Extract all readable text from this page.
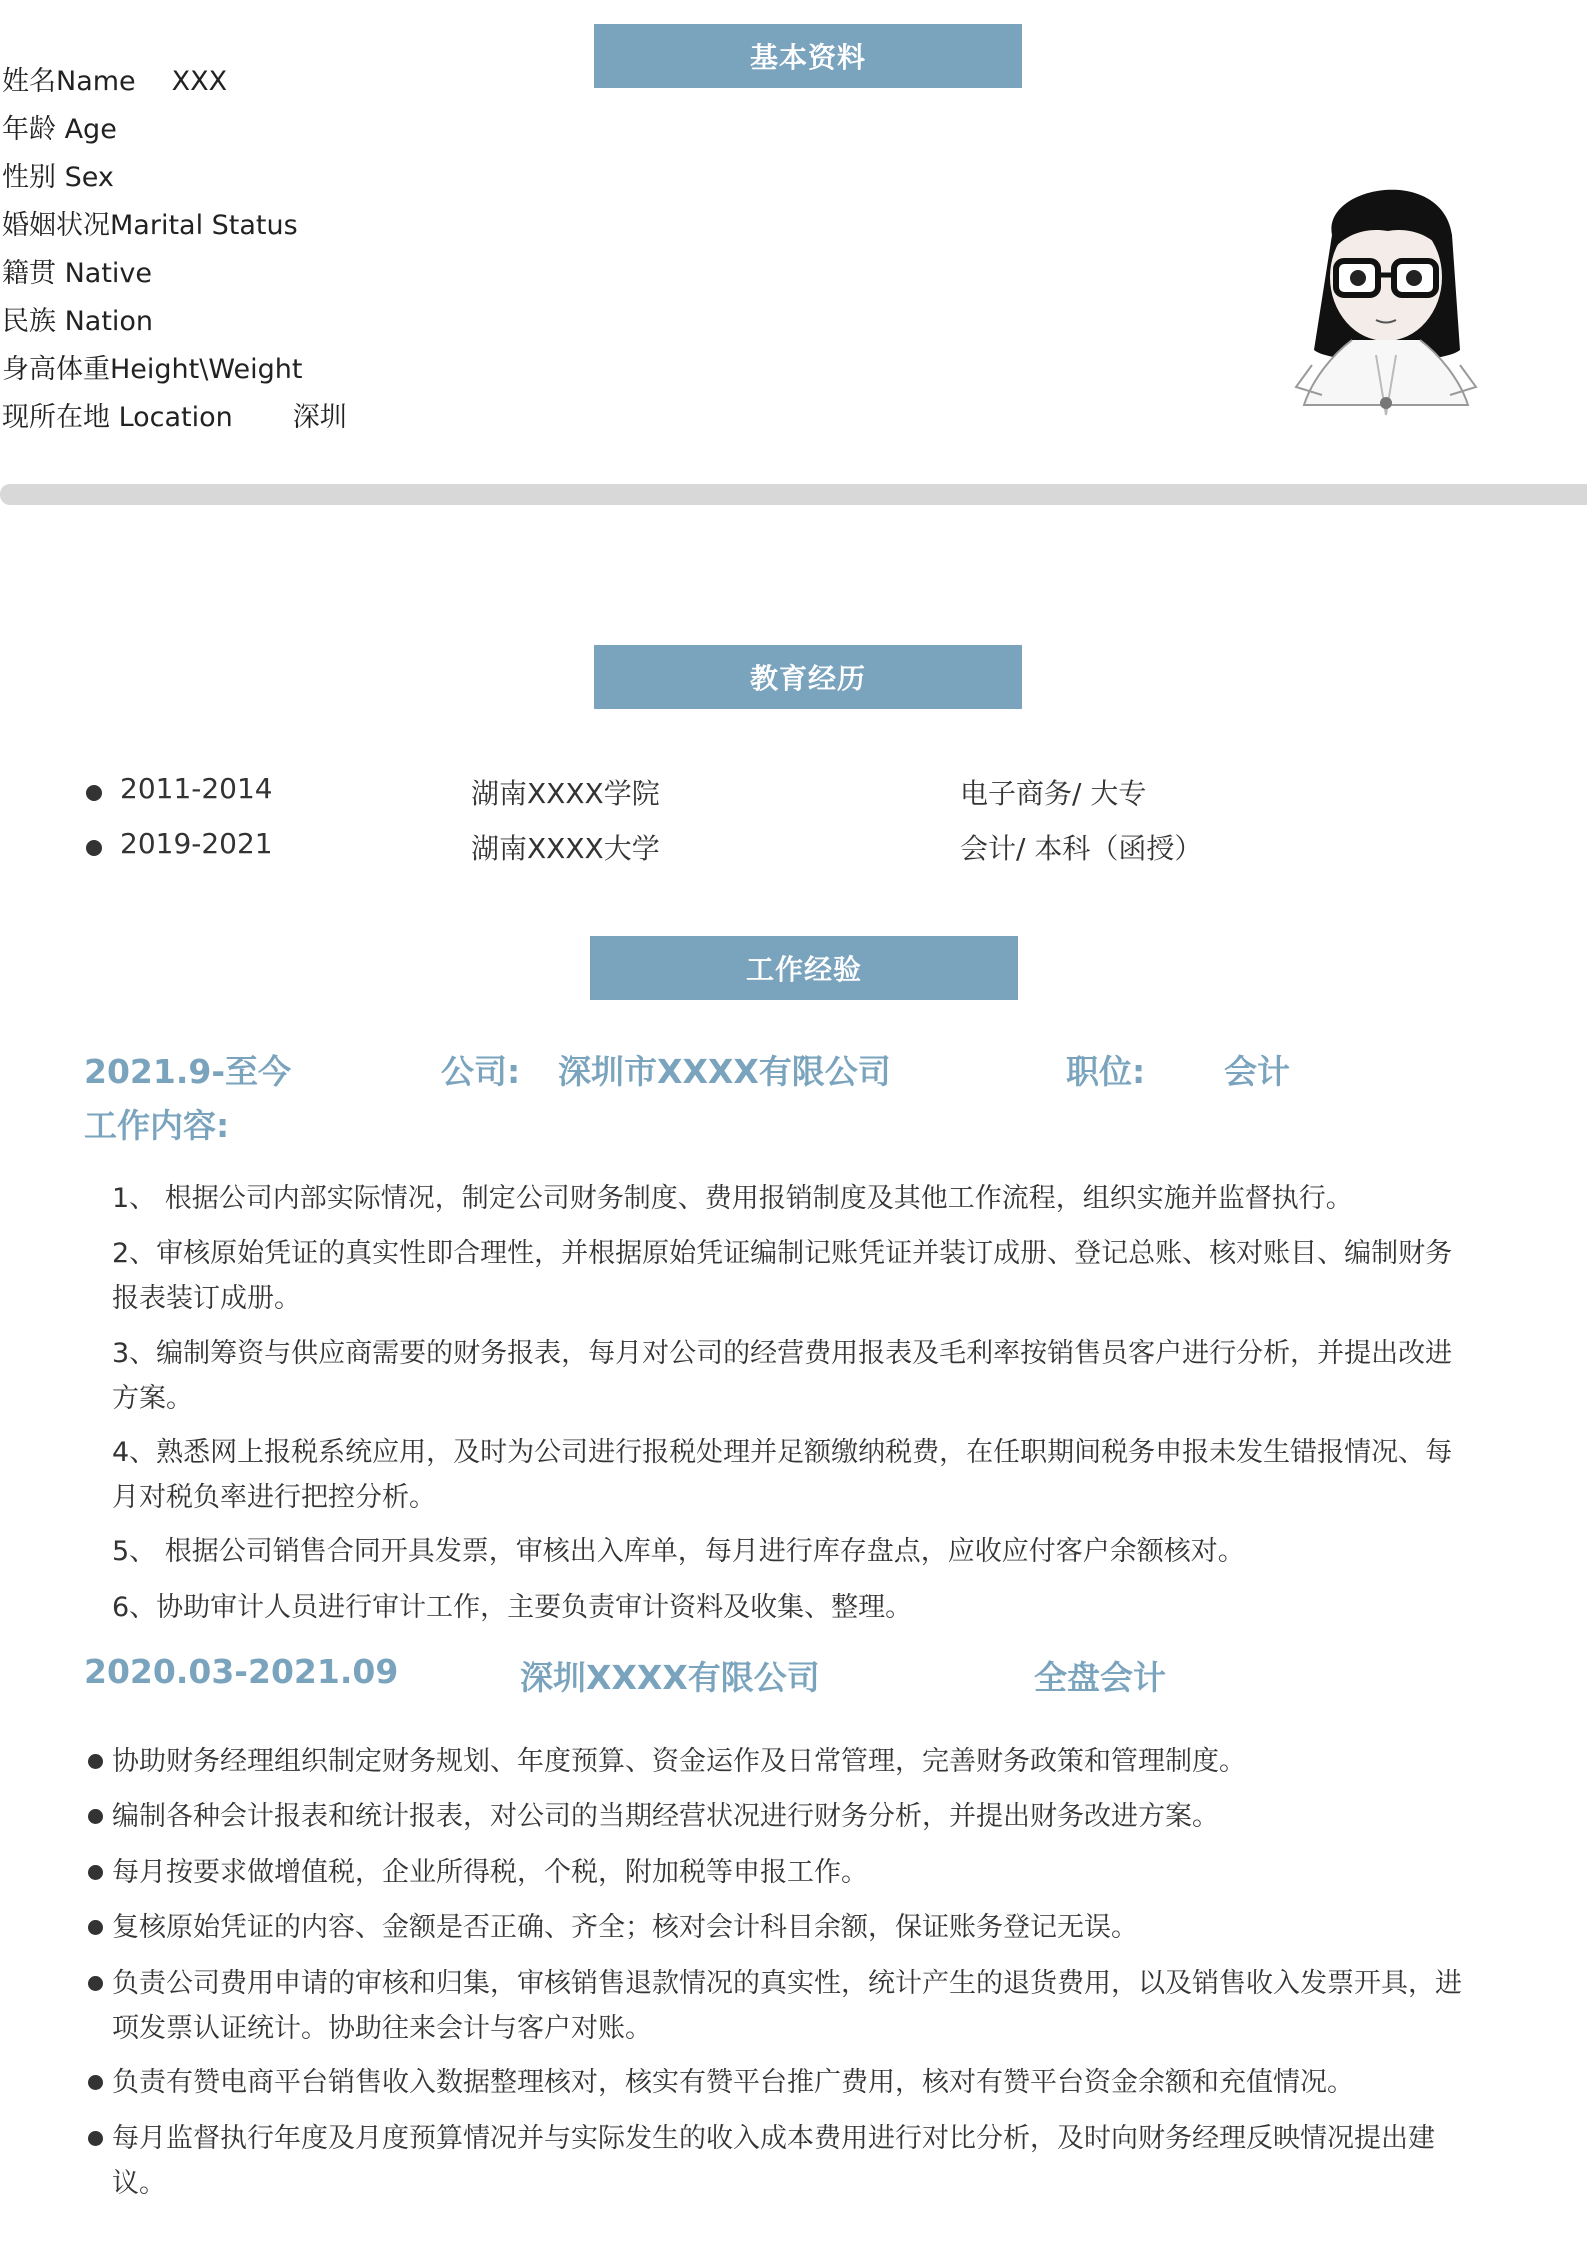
基本资料
姓名Name XXX
年龄 Age
性别 Sex
婚姻状况Marital Status
籍贯 Native
民族 Nation
身高体重Height\Weight
现所在地 Location 深圳
教育经历
2011-2014	湖南XXXX学院	电子商务/ 大专
2019-2021	湖南XXXX大学	会计/ 本科（函授）
工作经验
2021.9-至今	公司: 深圳市XXXX有限公司	职位: 会计
工作内容:
1、 根据公司内部实际情况，制定公司财务制度、费用报销制度及其他工作流程，组织实施并监督执行。
2、审核原始凭证的真实性即合理性，并根据原始凭证编制记账凭证并装订成册、登记总账、核对账目、编制财务报表装订成册。
3、编制筹资与供应商需要的财务报表，每月对公司的经营费用报表及毛利率按销售员客户进行分析，并提出改进方案。
4、熟悉网上报税系统应用，及时为公司进行报税处理并足额缴纳税费，在任职期间税务申报未发生错报情况、每月对税负率进行把控分析。
5、 根据公司销售合同开具发票，审核出入库单，每月进行库存盘点，应收应付客户余额核对。
6、协助审计人员进行审计工作，主要负责审计资料及收集、整理。
2020.03-2021.09	深圳XXXX有限公司	全盘会计
协助财务经理组织制定财务规划、年度预算、资金运作及日常管理，完善财务政策和管理制度。
编制各种会计报表和统计报表，对公司的当期经营状况进行财务分析，并提出财务改进方案。
每月按要求做增值税，企业所得税，个税，附加税等申报工作。
复核原始凭证的内容、金额是否正确、齐全；核对会计科目余额，保证账务登记无误。
负责公司费用申请的审核和归集，审核销售退款情况的真实性，统计产生的退货费用，以及销售收入发票开具，进项发票认证统计。协助往来会计与客户对账。
负责有赞电商平台销售收入数据整理核对，核实有赞平台推广费用，核对有赞平台资金余额和充值情况。
每月监督执行年度及月度预算情况并与实际发生的收入成本费用进行对比分析，及时向财务经理反映情况提出建议。
